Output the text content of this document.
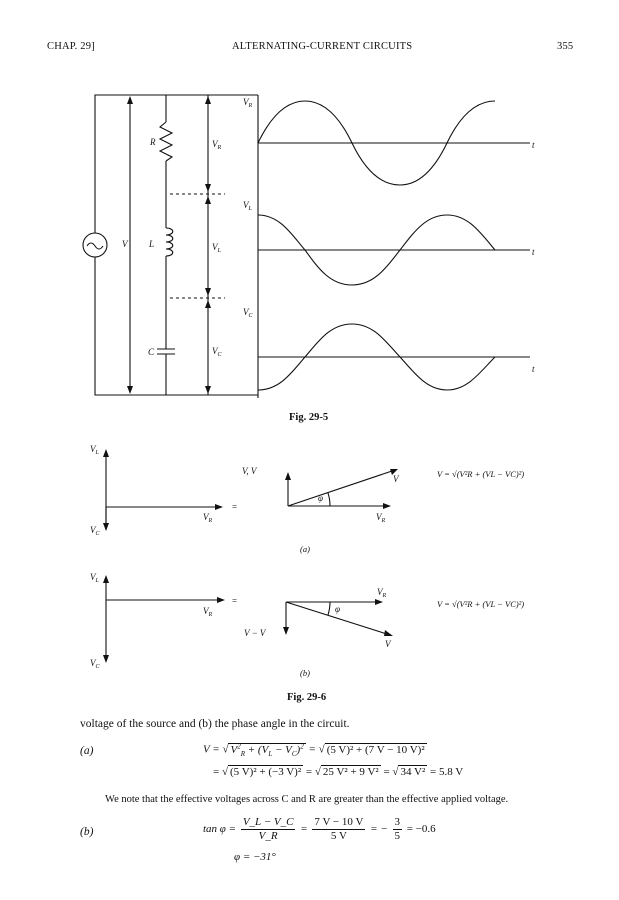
CHAP. 29]	ALTERNATING-CURRENT CIRCUITS	355
R
L
C
V
$V_R$
$V_L$
$V_C$
$V_R$
$V_L$
$V_C$
t
t
t
Fig. 29-5
$V_L$
$V_C$
$V_R$
V, V
$V_R$
V
φ
$V_L$
$V_C$
$V_R$
$V_R$
V − V
V
φ
=
=
V = √(V²R + (VL − VC)²)
V = √(V²R + (VL − VC)²)
(a)
(b)
Fig. 29-6
voltage of the source and (b) the phase angle in the circuit.
(a)	V = √ $V^2_R + (V_L - V_C)^2$ = √ (5 V)² + (7 V − 10 V)²
= √ (5 V)² + (−3 V)² = √ 25 V² + 9 V² = √ 34 V² = 5.8 V
We note that the effective voltages across C and R are greater than the effective applied voltage.
(b)	$\tan \varphi = \frac{V\_L - V\_C}{V\_R} = \frac{7 V - 10 V}{5 V}$ = − $\frac{3}{5} = -0.6$
φ = −31°
